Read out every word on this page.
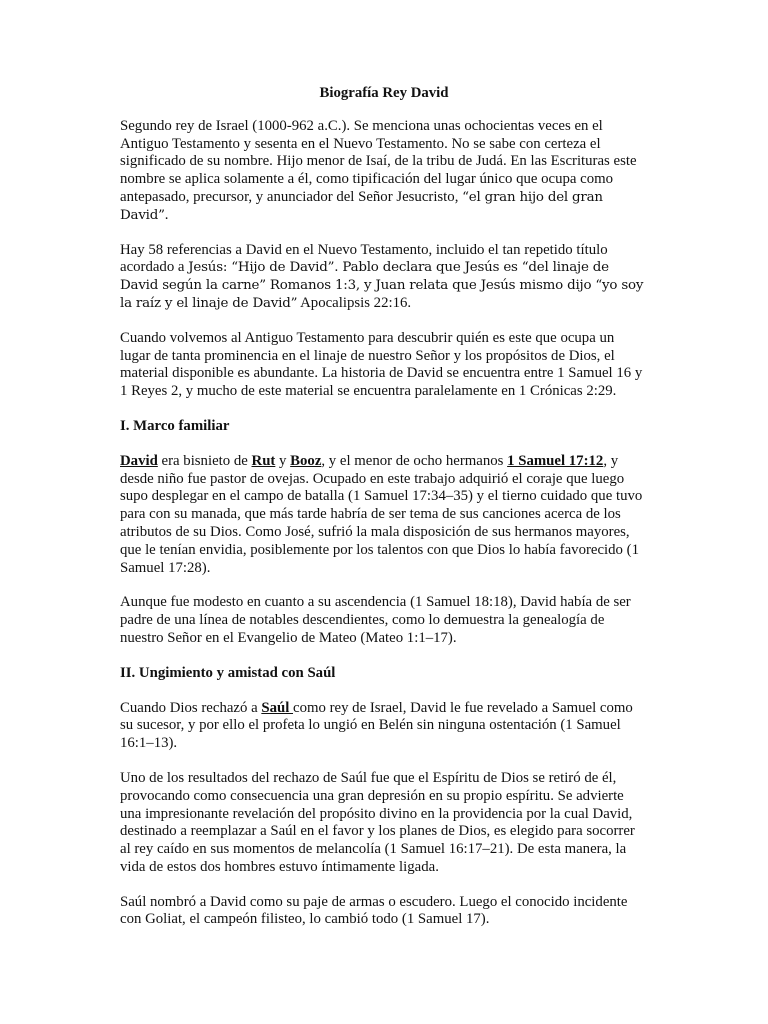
Biografía Rey David

Segundo rey de Israel (1000-962 a.C.). Se menciona unas ochocientas veces en el Antiguo Testamento y sesenta en el Nuevo Testamento. No se sabe con certeza el significado de su nombre. Hijo menor de Isaí, de la tribu de Judá. En las Escrituras este nombre se aplica solamente a él, como tipificación del lugar único que ocupa como antepasado, precursor, y anunciador del Señor Jesucristo, “el gran hijo del gran David”.

Hay 58 referencias a David en el Nuevo Testamento, incluido el tan repetido título acordado a Jesús: “Hijo de David”. Pablo declara que Jesús es “del linaje de David según la carne” Romanos 1:3, y Juan relata que Jesús mismo dijo “yo soy la raíz y el linaje de David” Apocalipsis 22:16.

Cuando volvemos al Antiguo Testamento para descubrir quién es este que ocupa un lugar de tanta prominencia en el linaje de nuestro Señor y los propósitos de Dios, el material disponible es abundante. La historia de David se encuentra entre 1 Samuel 16 y 1 Reyes 2, y mucho de este material se encuentra paralelamente en 1 Crónicas 2:29.

I. Marco familiar

David era bisnieto de Rut y Booz, y el menor de ocho hermanos 1 Samuel 17:12, y desde niño fue pastor de ovejas. Ocupado en este trabajo adquirió el coraje que luego supo desplegar en el campo de batalla (1 Samuel 17:34–35) y el tierno cuidado que tuvo para con su manada, que más tarde habría de ser tema de sus canciones acerca de los atributos de su Dios. Como José, sufrió la mala disposición de sus hermanos mayores, que le tenían envidia, posiblemente por los talentos con que Dios lo había favorecido (1 Samuel 17:28).

Aunque fue modesto en cuanto a su ascendencia (1 Samuel 18:18), David había de ser padre de una línea de notables descendientes, como lo demuestra la genealogía de nuestro Señor en el Evangelio de Mateo (Mateo 1:1–17).

II. Ungimiento y amistad con Saúl

Cuando Dios rechazó a Saúl como rey de Israel, David le fue revelado a Samuel como su sucesor, y por ello el profeta lo ungió en Belén sin ninguna ostentación (1 Samuel 16:1–13).

Uno de los resultados del rechazo de Saúl fue que el Espíritu de Dios se retiró de él, provocando como consecuencia una gran depresión en su propio espíritu. Se advierte una impresionante revelación del propósito divino en la providencia por la cual David, destinado a reemplazar a Saúl en el favor y los planes de Dios, es elegido para socorrer al rey caído en sus momentos de melancolía (1 Samuel 16:17–21). De esta manera, la vida de estos dos hombres estuvo íntimamente ligada.

Saúl nombró a David como su paje de armas o escudero. Luego el conocido incidente con Goliat, el campeón filisteo, lo cambió todo (1 Samuel 17).
